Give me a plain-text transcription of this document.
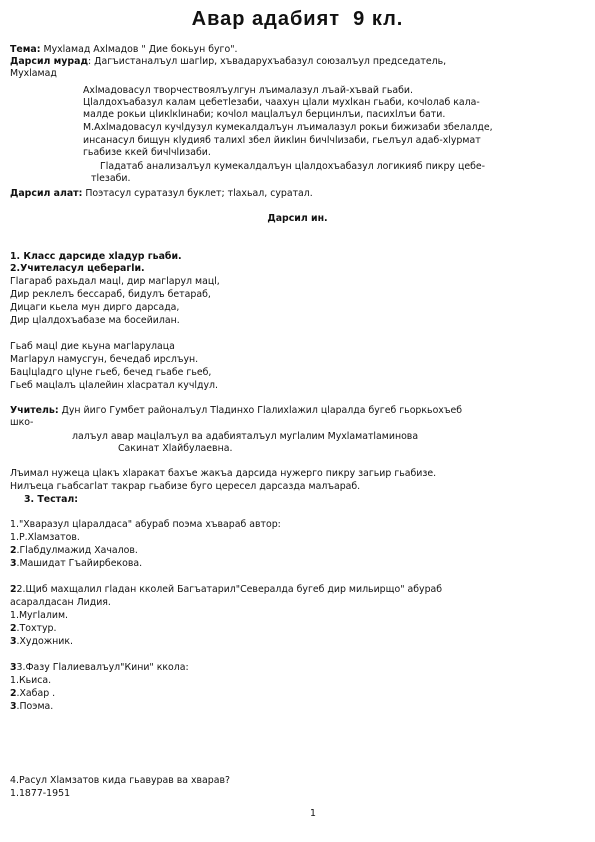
Авар адабият  9 кл.
Тема: Мухlамад Ахlмадов " Дие бокьун буго".
Дарсил мурад: Дагъистаналъул шагlир, хъвадарухъабазул союзалъул председатель,
Мухlамад
Ахlмадовасул творчествоялъулгун лъималазул лъай-хъвай гьаби.
Цlалдохъабазул калам цебетlезаби, чаахун цlали мухlкан гьаби, кочlолаб кала-
малде рокьи цlикlкlинаби; кочlол мацlалъул берцинлъи, пасихlлъи бати.
М.Ахlмадовасул кучlдузул кумекалдалъун лъималазул рокьи бижизаби збелалде,
инсанасул бищун кlудияб талихl збел йикlин бичlчlизаби, гьелъул адаб-хlурмат
гьабизе ккей бичlчlизаби.
Гlадатаб анализалъул кумекалдалъун цlалдохъабазул логикияб пикру цебе-
тlезаби.
Дарсил алат: Поэтасул суратазул буклет; тlахьал, суратал.
Дарсил ин.
1. Класс дарсиде хlадур гьаби.
2.Учителасул цеберагlи.
Гlагараб рахьдал мацl, дир магlарул мацl,
Дир реклелъ бессараб, бидулъ бетараб,
Дицаги кьела мун дирго дарсада,
Дир цlалдохъабазе ма босейилан.
Гьаб мацl дие кьуна магlарулаца
Магlарул намусгун, бечедаб ирслъун.
Бацlцlадго цlуне гьеб, бечед гьабе гьеб,
Гьеб мацlалъ цlалейин хlасратал кучlдул.
Учитель: Дун йиго Гумбет районалъул Тlадинхо Гlалихlажил цlаралда бугеб гьоркьохъеб
шко-
лалъул авар мацlалъул ва адабияталъул мугlалим Мухlаматlаминова
Сакинат Хlайбулаевна.
Лъимал нужеца цlакъ хlаракат бахъе жакъа дарсида нужерго пикру загьир гьабизе.
Нилъеца гьабсагlат такрар гьабизе буго цересел дарсазда малъараб.
3. Тестал:
1."Хваразул цlаралдаса" абураб поэма хъвараб автор:
1.Р.Хlамзатов.
2.Гlабдулмажид Хачалов.
3.Машидат Гъайирбекова.
22.Щиб махщалил гlадан кколей Багъатарил"Севералда бугеб дир мильирщо" абураб
асаралдасан Лидия.
1.Мугlалим.
2.Тохтур.
3.Художник.
33.Фазу Гlалиевалъул"Кини" ккола:
1.Кьиса.
2.Хабар .
3.Поэма.
4.Расул Хlамзатов кида гьавурав ва хварав?
1.1877-1951
1
